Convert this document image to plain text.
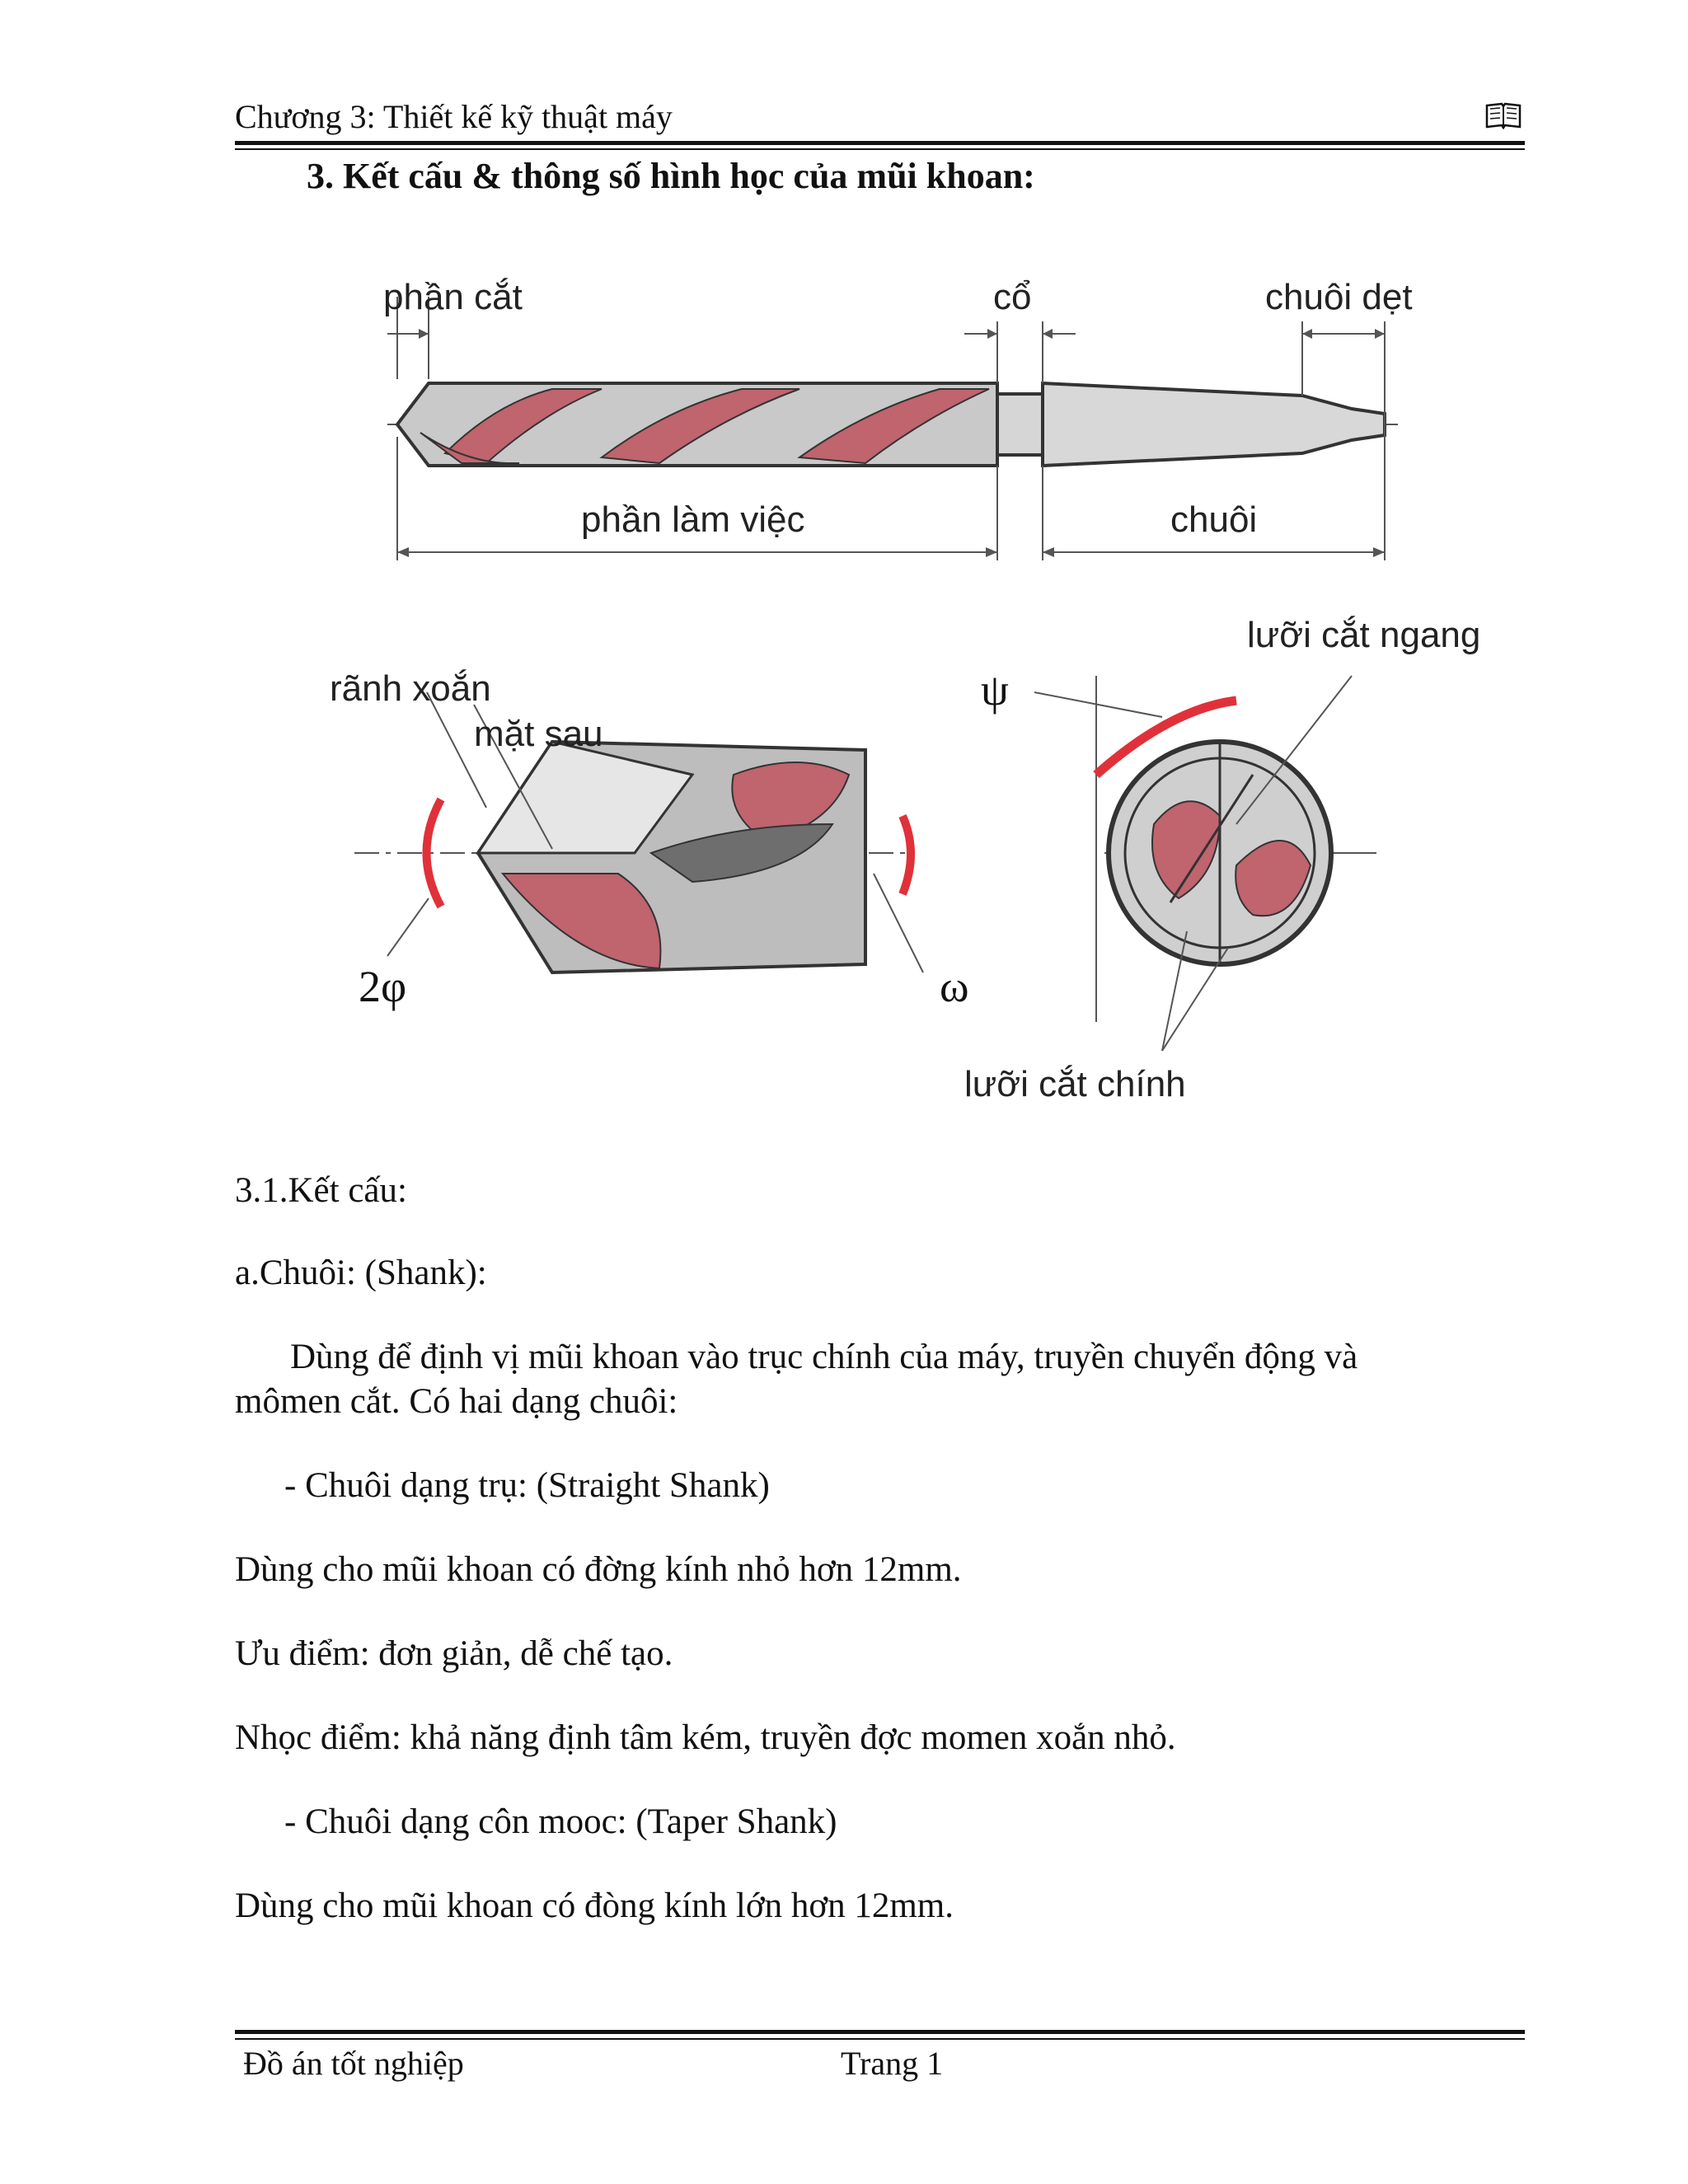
Chương 3: Thiết kế kỹ thuật máy
3. Kết cấu & thông số hình học của mũi khoan:
phần cắt	cổ	chuôi dẹt
phần làm việc	chuôi
rãnh xoắn
mặt sau
2φ	ω
ψ
lưỡi cắt ngang
lưỡi cắt chính
3.1.Kết cấu:
a.Chuôi: (Shank):
Dùng để định vị mũi khoan vào trục chính của máy, truyền chuyển động và
mômen cắt. Có hai dạng chuôi:
- Chuôi dạng trụ: (Straight Shank)
Dùng cho mũi khoan có đờng kính nhỏ hơn 12mm.
Ưu điểm: đơn giản, dễ chế tạo.
Nhọc điểm: khả năng định tâm kém, truyền đợc momen xoắn nhỏ.
- Chuôi dạng côn mooc: (Taper Shank)
Dùng cho mũi khoan có đòng kính lớn hơn 12mm.
Đồ án tốt nghiệp	Trang 1
